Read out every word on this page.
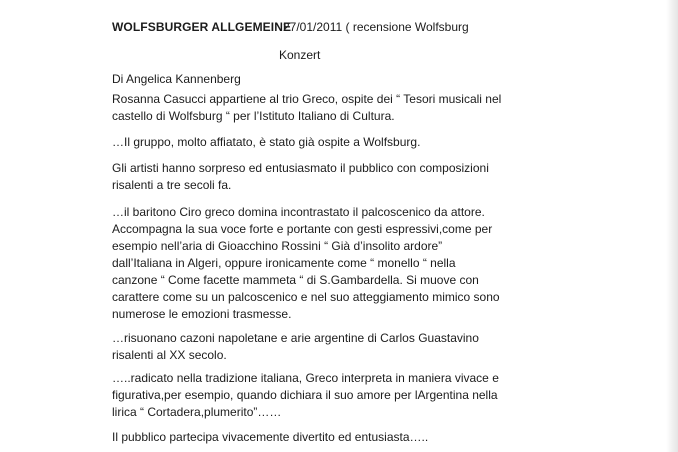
WOLFSBURGER ALLGEMEINE
27/01/2011 ( recensione Wolfsburg
Konzert
Di Angelica Kannenberg
Rosanna Casucci appartiene al trio Greco, ospite dei “ Tesori musicali nel
castello di Wolfsburg “ per l’Istituto Italiano di Cultura.
…Il gruppo, molto affiatato, è stato già ospite a Wolfsburg.
Gli artisti hanno sorpreso ed entusiasmato il pubblico con composizioni
risalenti a tre secoli fa.
…il baritono Ciro greco domina incontrastato il palcoscenico da attore.
Accompagna la sua voce forte e portante con gesti espressivi,come per
esempio nell’aria di Gioacchino Rossini “ Già d’insolito ardore”
dall’Italiana in Algeri, oppure ironicamente come “ monello “ nella
canzone “ Come facette mammeta “ di S.Gambardella. Si muove con
carattere come su un palcoscenico e nel suo atteggiamento mimico sono
numerose le emozioni trasmesse.
…risuonano cazoni napoletane e arie argentine di Carlos Guastavino
risalenti al XX secolo.
…..radicato nella tradizione italiana, Greco interpreta in maniera vivace e
figurativa,per esempio, quando dichiara il suo amore per lArgentina nella
lirica “ Cortadera,plumerito”……
Il pubblico partecipa vivacemente divertito ed entusiasta…..
